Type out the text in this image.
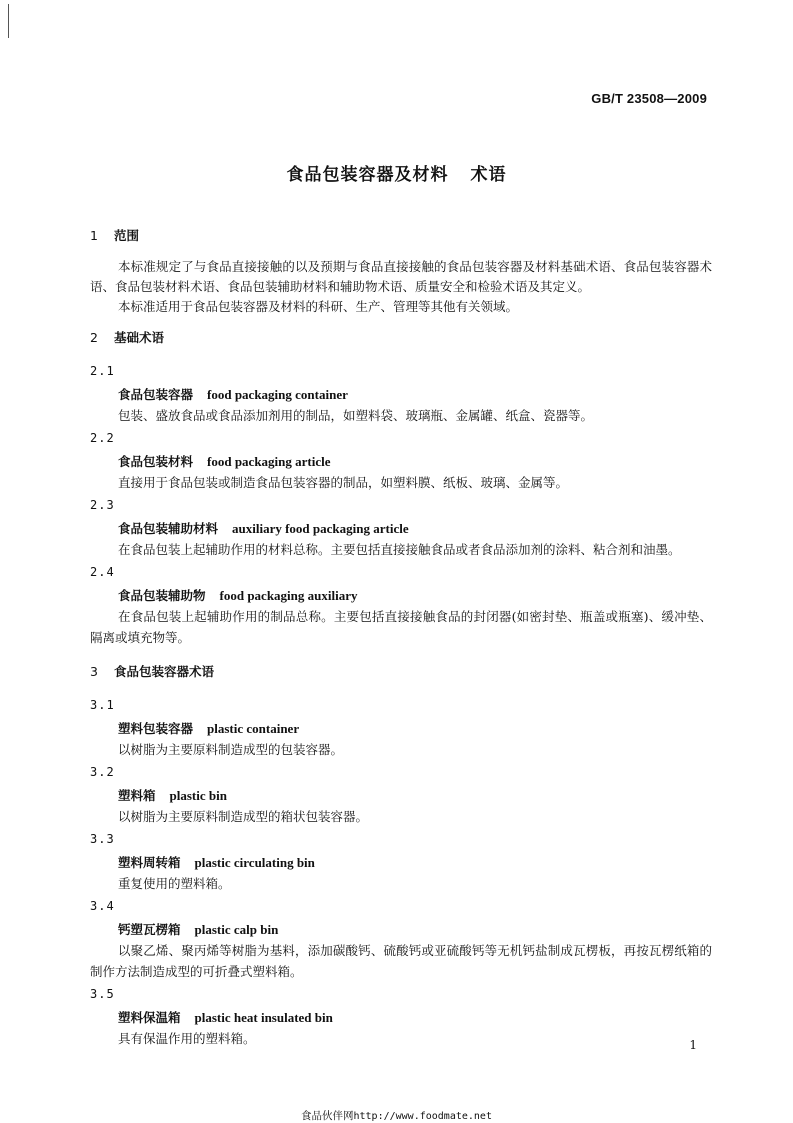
GB/T 23508—2009
食品包装容器及材料 术语
1 范围
本标准规定了与食品直接接触的以及预期与食品直接接触的食品包装容器及材料基础术语、食品包装容器术语、食品包装材料术语、食品包装辅助材料和辅助物术语、质量安全和检验术语及其定义。
本标准适用于食品包装容器及材料的科研、生产、管理等其他有关领域。
2 基础术语
2.1
食品包装容器 food packaging container
包装、盛放食品或食品添加剂用的制品，如塑料袋、玻璃瓶、金属罐、纸盒、瓷器等。
2.2
食品包装材料 food packaging article
直接用于食品包装或制造食品包装容器的制品，如塑料膜、纸板、玻璃、金属等。
2.3
食品包装辅助材料 auxiliary food packaging article
在食品包装上起辅助作用的材料总称。主要包括直接接触食品或者食品添加剂的涂料、粘合剂和油墨。
2.4
食品包装辅助物 food packaging auxiliary
在食品包装上起辅助作用的制品总称。主要包括直接接触食品的封闭器(如密封垫、瓶盖或瓶塞)、缓冲垫、隔离或填充物等。
3 食品包装容器术语
3.1
塑料包装容器 plastic container
以树脂为主要原料制造成型的包装容器。
3.2
塑料箱 plastic bin
以树脂为主要原料制造成型的箱状包装容器。
3.3
塑料周转箱 plastic circulating bin
重复使用的塑料箱。
3.4
钙塑瓦楞箱 plastic calp bin
以聚乙烯、聚丙烯等树脂为基料，添加碳酸钙、硫酸钙或亚硫酸钙等无机钙盐制成瓦楞板，再按瓦楞纸箱的制作方法制造成型的可折叠式塑料箱。
3.5
塑料保温箱 plastic heat insulated bin
具有保温作用的塑料箱。	1
食品伙伴网http://www.foodmate.net
